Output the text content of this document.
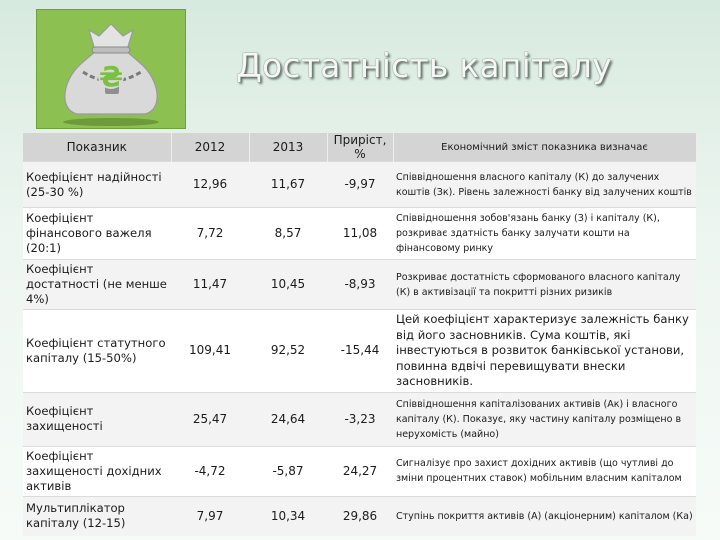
₴	Достатність капіталу
Показник	2012	2013	Приріст, %	Економічний зміст показника визначає
Коефіцієнт надійності (25-30 %)	12,96	11,67	-9,97	Співвідношення власного капіталу (К) до залучених коштів (Зк). Рівень залежності банку від залучених коштів
Коефіцієнт фінансового важеля (20:1)	7,72	8,57	11,08	Співвідношення зобов'язань банку (З) і капіталу (К), розкриває здатність банку залучати кошти на фінансовому ринку
Коефіцієнт достатності (не менше 4%)	11,47	10,45	-8,93	Розкриває достатність сформованого власного капіталу (К) в активізації та покритті різних ризиків
Коефіцієнт статутного капіталу (15-50%)	109,41	92,52	-15,44	Цей коефіцієнт характеризує залежність банку від його засновників. Сума коштів, які інвестуються в розвиток банківської установи, повинна вдвічі перевищувати внески засновників.
Коефіцієнт захищеності	25,47	24,64	-3,23	Співвідношення капіталізованих активів (Ак) і власного капіталу (К). Показує, яку частину капіталу розміщено в нерухомість (майно)
Коефіцієнт захищеності дохідних активів	-4,72	-5,87	24,27	Сигналізує про захист дохідних активів (що чутливі до зміни процентних ставок) мобільним власним капіталом
Мультиплікатор капіталу (12-15)	7,97	10,34	29,86	Ступінь покриття активів (А) (акціонерним) капіталом (Ка)
